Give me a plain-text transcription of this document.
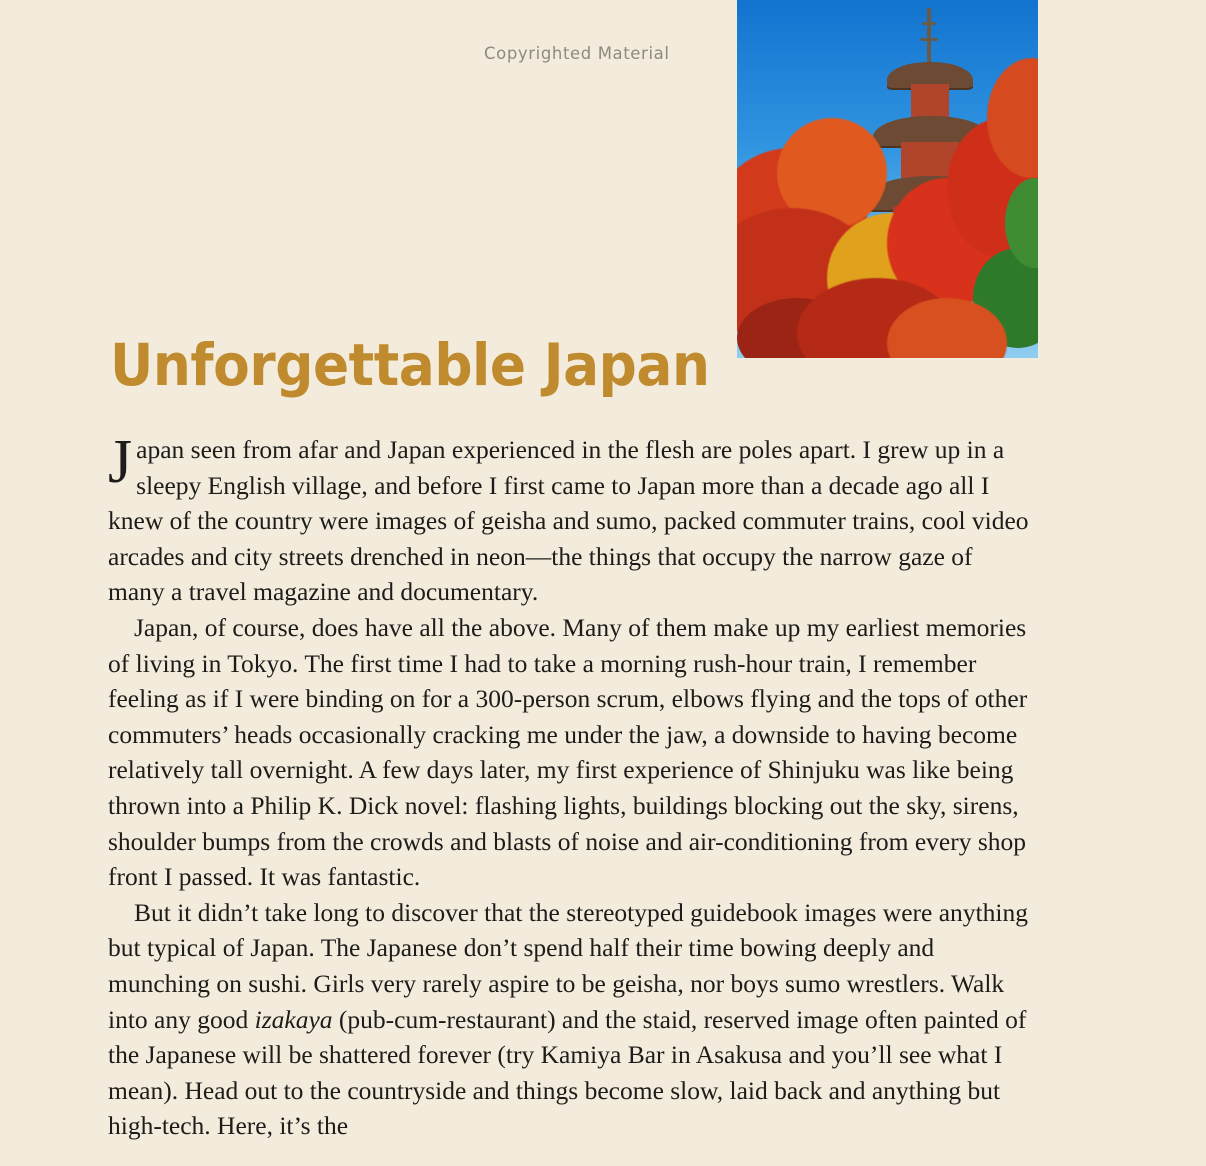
Copyrighted Material
Unforgettable Japan

Japan seen from afar and Japan experienced in the flesh are poles apart. I grew up in a sleepy English village, and before I first came to Japan more than a decade ago all I knew of the country were images of geisha and sumo, packed commuter trains, cool video arcades and city streets drenched in neon—the things that occupy the narrow gaze of many a travel magazine and documentary.

Japan, of course, does have all the above. Many of them make up my earliest memories of living in Tokyo. The first time I had to take a morning rush-hour train, I remember feeling as if I were binding on for a 300-person scrum, elbows flying and the tops of other commuters’ heads occasionally cracking me under the jaw, a downside to having become relatively tall overnight. A few days later, my first experience of Shinjuku was like being thrown into a Philip K. Dick novel: flashing lights, buildings blocking out the sky, sirens, shoulder bumps from the crowds and blasts of noise and air-conditioning from every shop front I passed. It was fantastic.

But it didn’t take long to discover that the stereotyped guidebook images were anything but typical of Japan. The Japanese don’t spend half their time bowing deeply and munching on sushi. Girls very rarely aspire to be geisha, nor boys sumo wrestlers. Walk into any good izakaya (pub-cum-restaurant) and the staid, reserved image often painted of the Japanese will be shattered forever (try Kamiya Bar in Asakusa and you’ll see what I mean). Head out to the countryside and things become slow, laid back and anything but high-tech. Here, it’s the
